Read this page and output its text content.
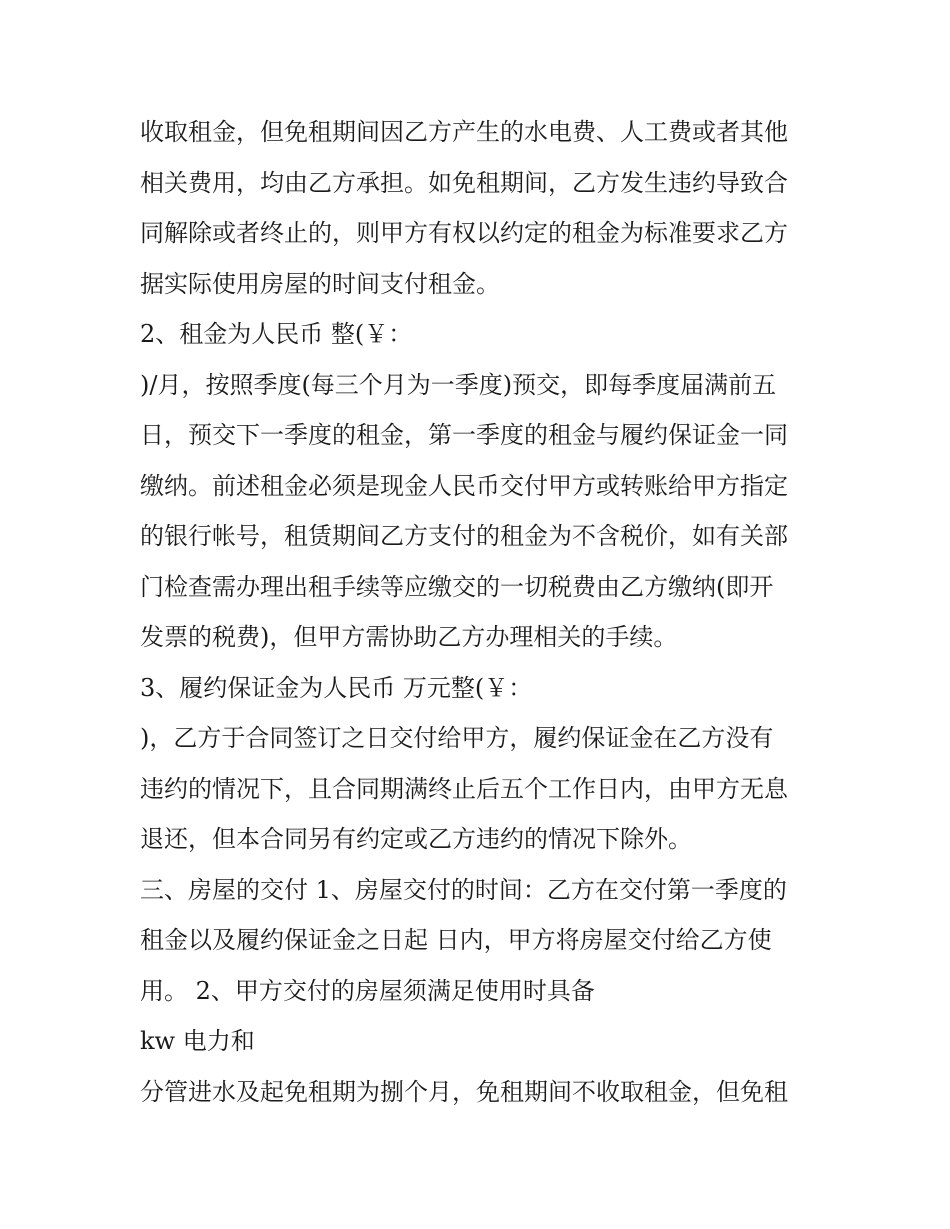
收取租金，但免租期间因乙方产生的水电费、人工费或者其他
相关费用，均由乙方承担。如免租期间，乙方发生违约导致合
同解除或者终止的，则甲方有权以约定的租金为标准要求乙方
据实际使用房屋的时间支付租金。
2、租金为人民币 整(￥：
)/月，按照季度(每三个月为一季度)预交，即每季度届满前五
日，预交下一季度的租金，第一季度的租金与履约保证金一同
缴纳。前述租金必须是现金人民币交付甲方或转账给甲方指定
的银行帐号，租赁期间乙方支付的租金为不含税价，如有关部
门检查需办理出租手续等应缴交的一切税费由乙方缴纳(即开
发票的税费)，但甲方需协助乙方办理相关的手续。
3、履约保证金为人民币 万元整(￥：
)，乙方于合同签订之日交付给甲方，履约保证金在乙方没有
违约的情况下，且合同期满终止后五个工作日内，由甲方无息
退还，但本合同另有约定或乙方违约的情况下除外。
三、房屋的交付 1、房屋交付的时间：乙方在交付第一季度的
租金以及履约保证金之日起 日内，甲方将房屋交付给乙方使
用。 2、甲方交付的房屋须满足使用时具备
kw 电力和
分管进水及起免租期为捌个月，免租期间不收取租金，但免租
